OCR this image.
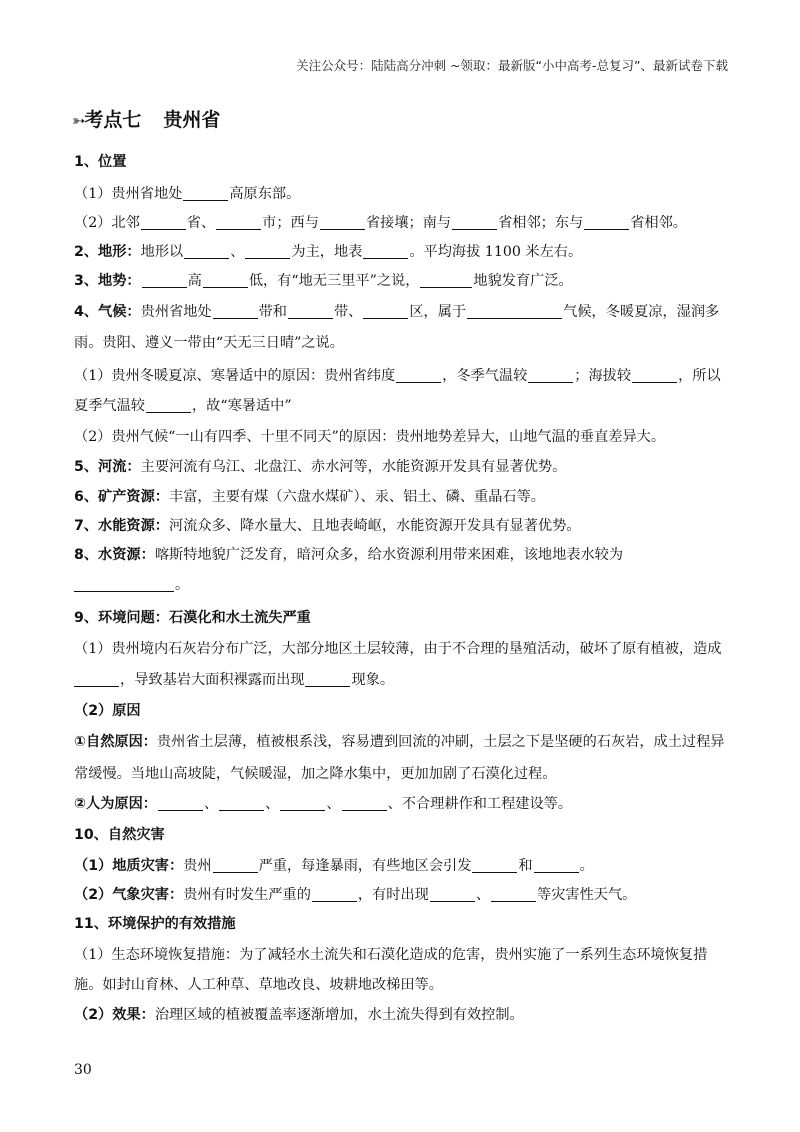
关注公众号：陆陆高分冲刺 ~领取：最新版“小中高考-总复习”、最新试卷下载
➳ 考点七 贵州省
1、位置
（1）贵州省地处	高原东部。
（2）北邻	省、	市；西与	省接壤；南与	省相邻；东与	省相邻。
2、地形：地形以	、	为主，地表	。平均海拔 1100 米左右。
3、地势：	高	低，有“地无三里平”之说，	地貌发育广泛。
4、气候：贵州省地处	带和	带、	区，属于	气候，冬暖夏凉，湿润多
雨。贵阳、遵义一带由“天无三日晴”之说。
（1）贵州冬暖夏凉、寒暑适中的原因：贵州省纬度	，冬季气温较	；海拔较	，所以
夏季气温较	，故“寒暑适中”
（2）贵州气候“一山有四季、十里不同天”的原因：贵州地势差异大，山地气温的垂直差异大。
5、河流：主要河流有乌江、北盘江、赤水河等，水能资源开发具有显著优势。
6、矿产资源：丰富，主要有煤（六盘水煤矿）、汞、铝土、磷、重晶石等。
7、水能资源：河流众多、降水量大、且地表崎岖，水能资源开发具有显著优势。
8、水资源：喀斯特地貌广泛发育，暗河众多，给水资源利用带来困难，该地地表水较为
。
9、环境问题：石漠化和水土流失严重
（1）贵州境内石灰岩分布广泛，大部分地区土层较薄，由于不合理的垦殖活动，破坏了原有植被，造成
，导致基岩大面积裸露而出现	现象。
（2）原因
①自然原因：贵州省土层薄，植被根系浅，容易遭到回流的冲刷，土层之下是坚硬的石灰岩，成土过程异
常缓慢。当地山高坡陡，气候暖湿，加之降水集中，更加加剧了石漠化过程。
②人为原因：	、	、	、	、不合理耕作和工程建设等。
10、自然灾害
（1）地质灾害：贵州	严重，每逢暴雨，有些地区会引发	和	。
（2）气象灾害：贵州有时发生严重的	，有时出现	、	等灾害性天气。
11、环境保护的有效措施
（1）生态环境恢复措施：为了减轻水土流失和石漠化造成的危害，贵州实施了一系列生态环境恢复措
施。如封山育林、人工种草、草地改良、坡耕地改梯田等。
（2）效果：治理区域的植被覆盖率逐渐增加，水土流失得到有效控制。
30
